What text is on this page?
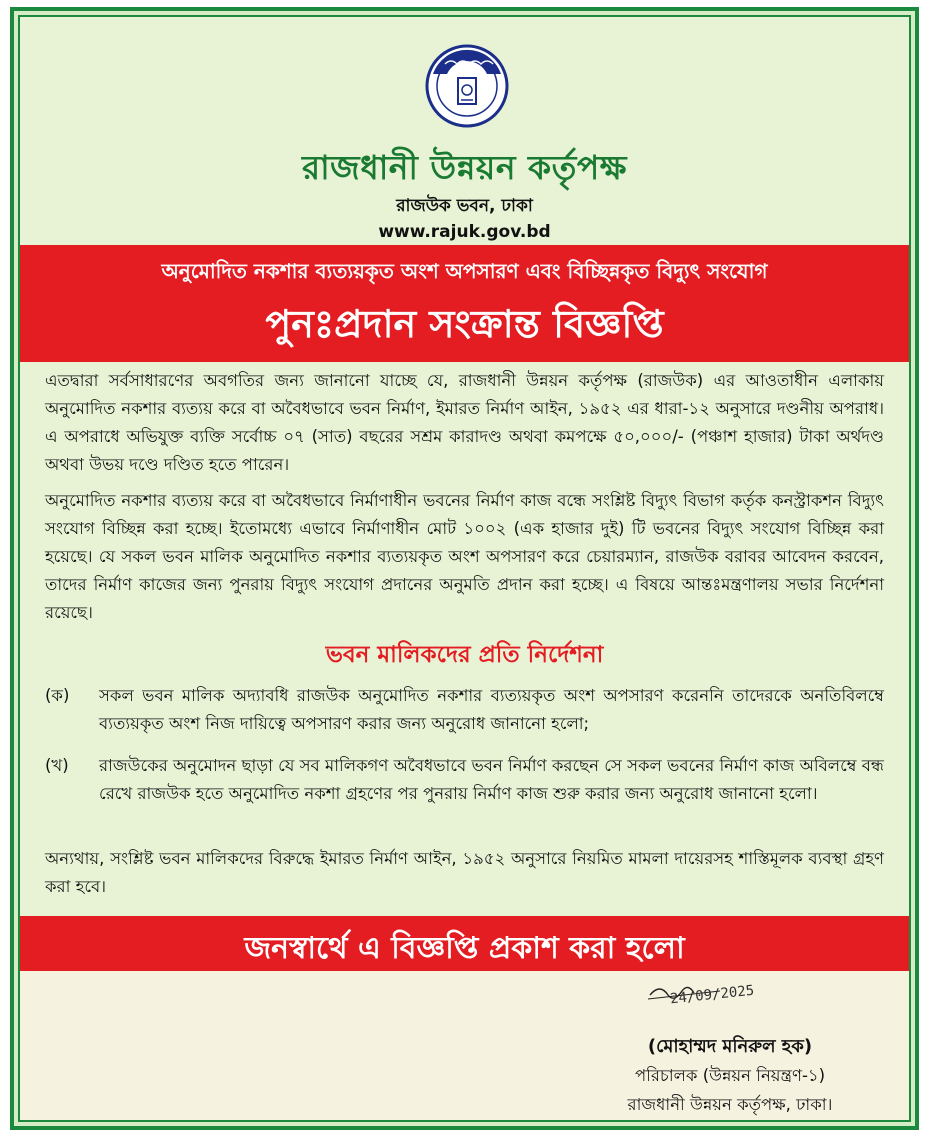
রাজধানী উন্নয়ন কর্তৃপক্ষ
রাজউক ভবন, ঢাকা
www.rajuk.gov.bd
অনুমোদিত নকশার ব্যত্যয়কৃত অংশ অপসারণ এবং বিচ্ছিন্নকৃত বিদ্যুৎ সংযোগ
পুনঃপ্রদান সংক্রান্ত বিজ্ঞপ্তি
এতদ্বারা সর্বসাধারণের অবগতির জন্য জানানো যাচ্ছে যে, রাজধানী উন্নয়ন কর্তৃপক্ষ (রাজউক) এর আওতাধীন এলাকায় অনুমোদিত নকশার ব্যত্যয় করে বা অবৈধভাবে ভবন নির্মাণ, ইমারত নির্মাণ আইন, ১৯৫২ এর ধারা-১২ অনুসারে দণ্ডনীয় অপরাধ। এ অপরাধে অভিযুক্ত ব্যক্তি সর্বোচ্চ ০৭ (সাত) বছরের সশ্রম কারাদণ্ড অথবা কমপক্ষে ৫০,০০০/- (পঞ্চাশ হাজার) টাকা অর্থদণ্ড অথবা উভয় দণ্ডে দণ্ডিত হতে পারেন।
অনুমোদিত নকশার ব্যত্যয় করে বা অবৈধভাবে নির্মাণাধীন ভবনের নির্মাণ কাজ বন্ধে সংশ্লিষ্ট বিদ্যুৎ বিভাগ কর্তৃক কনস্ট্রাকশন বিদ্যুৎ সংযোগ বিচ্ছিন্ন করা হচ্ছে। ইতোমধ্যে এভাবে নির্মাণাধীন মোট ১০০২ (এক হাজার দুই) টি ভবনের বিদ্যুৎ সংযোগ বিচ্ছিন্ন করা হয়েছে। যে সকল ভবন মালিক অনুমোদিত নকশার ব্যত্যয়কৃত অংশ অপসারণ করে চেয়ারম্যান, রাজউক বরাবর আবেদন করবেন, তাদের নির্মাণ কাজের জন্য পুনরায় বিদ্যুৎ সংযোগ প্রদানের অনুমতি প্রদান করা হচ্ছে। এ বিষয়ে আন্তঃমন্ত্রণালয় সভার নির্দেশনা রয়েছে।
ভবন মালিকদের প্রতি নির্দেশনা
(ক)	সকল ভবন মালিক অদ্যাবধি রাজউক অনুমোদিত নকশার ব্যত্যয়কৃত অংশ অপসারণ করেননি তাদেরকে অনতিবিলম্বে ব্যত্যয়কৃত অংশ নিজ দায়িত্বে অপসারণ করার জন্য অনুরোধ জানানো হলো;
(খ)	রাজউকের অনুমোদন ছাড়া যে সব মালিকগণ অবৈধভাবে ভবন নির্মাণ করছেন সে সকল ভবনের নির্মাণ কাজ অবিলম্বে বন্ধ রেখে রাজউক হতে অনুমোদিত নকশা গ্রহণের পর পুনরায় নির্মাণ কাজ শুরু করার জন্য অনুরোধ জানানো হলো।
অন্যথায়, সংশ্লিষ্ট ভবন মালিকদের বিরুদ্ধে ইমারত নির্মাণ আইন, ১৯৫২ অনুসারে নিয়মিত মামলা দায়েরসহ শাস্তিমূলক ব্যবস্থা গ্রহণ করা হবে।
জনস্বার্থে এ বিজ্ঞপ্তি প্রকাশ করা হলো
24/09/2025
(মোহাম্মদ মনিরুল হক)
পরিচালক (উন্নয়ন নিয়ন্ত্রণ-১)
রাজধানী উন্নয়ন কর্তৃপক্ষ, ঢাকা।
